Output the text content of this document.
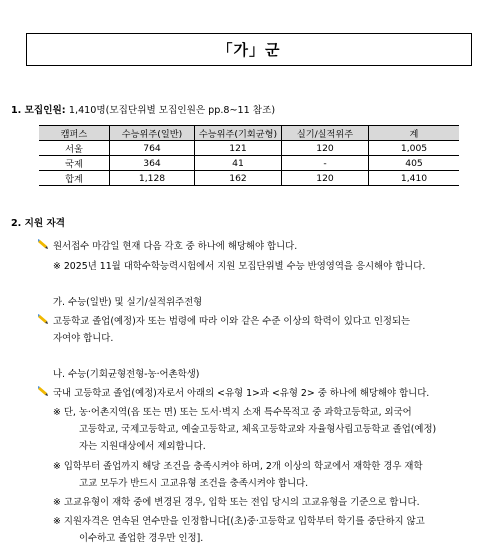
「가」군
1. 모집인원: 1,410명(모집단위별 모집인원은 pp.8~11 참조)
캠퍼스	수능위주(일반)	수능위주(기회균형)	실기/실적위주	계
서울	764	121	120	1,005
국제	364	41	-	405
합계	1,128	162	120	1,410
2. 지원 자격
원서접수 마감일 현재 다음 각호 중 하나에 해당해야 합니다.
※ 2025년 11월 대학수학능력시험에서 지원 모집단위별 수능 반영영역을 응시해야 합니다.
가. 수능(일반) 및 실기/실적위주전형
고등학교 졸업(예정)자 또는 법령에 따라 이와 같은 수준 이상의 학력이 있다고 인정되는
자여야 합니다.
나. 수능(기회균형전형-농·어촌학생)
국내 고등학교 졸업(예정)자로서 아래의 <유형 1>과 <유형 2> 중 하나에 해당해야 합니다.
※ 단, 농·어촌지역(읍 또는 면) 또는 도서·벽지 소재 특수목적고 중 과학고등학교, 외국어
고등학교, 국제고등학교, 예술고등학교, 체육고등학교와 자율형사립고등학교 졸업(예정)
자는 지원대상에서 제외합니다.
※ 입학부터 졸업까지 해당 조건을 충족시켜야 하며, 2개 이상의 학교에서 재학한 경우 재학
고교 모두가 반드시 고교유형 조건을 충족시켜야 합니다.
※ 고교유형이 재학 중에 변경된 경우, 입학 또는 전입 당시의 고교유형을 기준으로 합니다.
※ 지원자격은 연속된 연수만을 인정합니다[(초)중·고등학교 입학부터 학기를 중단하지 않고
이수하고 졸업한 경우만 인정].
